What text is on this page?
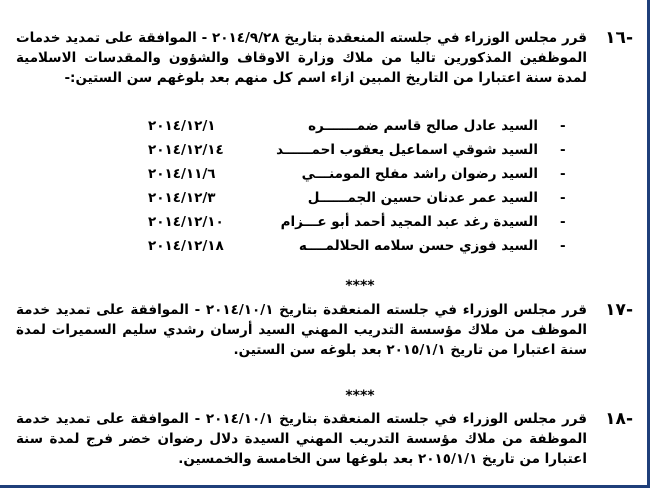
-١٦
قرر مجلس الوزراء في جلسته المنعقدة بتاريخ ٢٠١٤/٩/٢٨ - الموافقة على تمديد خدمات الموظفين المذكورين تاليا من ملاك وزارة الاوقاف والشؤون والمقدسات الاسلامية لمدة سنة اعتبارا من التاريخ المبين ازاء اسم كل منهم بعد بلوغهم سن الستين:-
-
السيد عادل صالح قاسم ضمـــــــره
٢٠١٤/١٢/١
-
السيد شوقي اسماعيل يعقوب احمــــــد
٢٠١٤/١٢/١٤
-
السيد رضوان راشد مفلح المومنـــي
٢٠١٤/١١/٦
-
السيد عمر عدنان حسين الجمــــــل
٢٠١٤/١٢/٣
-
السيدة رغد عبد المجيد أحمد أبو عـــزام
٢٠١٤/١٢/١٠
-
السيد فوزي حسن سلامه الحلالمــــه
٢٠١٤/١٢/١٨
****
-١٧
قرر مجلس الوزراء في جلسته المنعقدة بتاريخ ٢٠١٤/١٠/١ - الموافقة على تمديد خدمة الموظف من ملاك مؤسسة التدريب المهني السيد أرسان رشدي سليم السميرات لمدة سنة اعتبارا من تاريخ ٢٠١٥/١/١ بعد بلوغه سن الستين.
****
-١٨
قرر مجلس الوزراء في جلسته المنعقدة بتاريخ ٢٠١٤/١٠/١ - الموافقة على تمديد خدمة الموظفة من ملاك مؤسسة التدريب المهني السيدة دلال رضوان خضر فرج لمدة سنة اعتبارا من تاريخ ٢٠١٥/١/١ بعد بلوغها سن الخامسة والخمسين.
